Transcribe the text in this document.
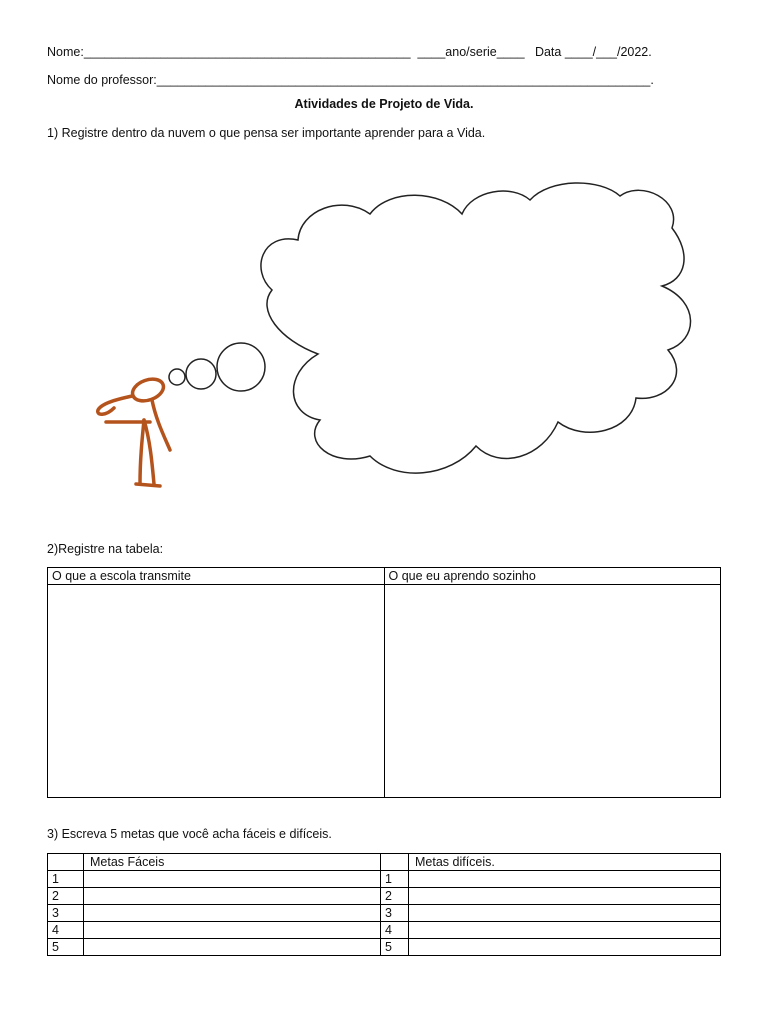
Nome:_______________________________________________  ____ano/serie____   Data ____/___/2022.
Nome do professor:_______________________________________________________________________.
Atividades de Projeto de Vida.
1) Registre dentro da nuvem o que pensa ser importante aprender para a Vida.
2)Registre na tabela:
O que a escola transmite	O que eu aprendo sozinho

3) Escreva 5 metas que você acha fáceis e difíceis.
	Metas Fáceis		Metas difíceis.
1		1	
2		2	
3		3	
4		4	
5		5	
